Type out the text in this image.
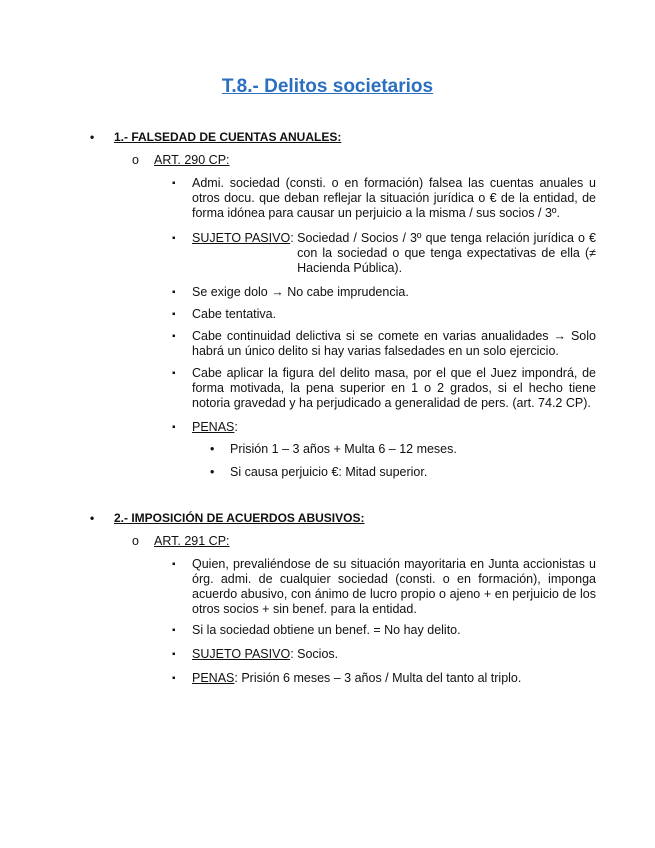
T.8.- Delitos societarios
• 1.- FALSEDAD DE CUENTAS ANUALES:
o ART. 290 CP:
▪ Admi. sociedad (consti. o en formación) falsea las cuentas anuales u otros docu. que deban reflejar la situación jurídica o € de la entidad, de forma idónea para causar un perjuicio a la misma / sus socios / 3º.
▪ SUJETO PASIVO: Sociedad / Socios / 3º que tenga relación jurídica o € con la sociedad o que tenga expectativas de ella (≠ Hacienda Pública).
▪ Se exige dolo → No cabe imprudencia.
▪ Cabe tentativa.
▪ Cabe continuidad delictiva si se comete en varias anualidades → Solo habrá un único delito si hay varias falsedades en un solo ejercicio.
▪ Cabe aplicar la figura del delito masa, por el que el Juez impondrá, de forma motivada, la pena superior en 1 o 2 grados, si el hecho tiene notoria gravedad y ha perjudicado a generalidad de pers. (art. 74.2 CP).
▪ PENAS:
• Prisión 1 – 3 años + Multa 6 – 12 meses.
• Si causa perjuicio €: Mitad superior.
• 2.- IMPOSICIÓN DE ACUERDOS ABUSIVOS:
o ART. 291 CP:
▪ Quien, prevaliéndose de su situación mayoritaria en Junta accionistas u órg. admi. de cualquier sociedad (consti. o en formación), imponga acuerdo abusivo, con ánimo de lucro propio o ajeno + en perjuicio de los otros socios + sin benef. para la entidad.
▪ Si la sociedad obtiene un benef. = No hay delito.
▪ SUJETO PASIVO: Socios.
▪ PENAS: Prisión 6 meses – 3 años / Multa del tanto al triplo.
